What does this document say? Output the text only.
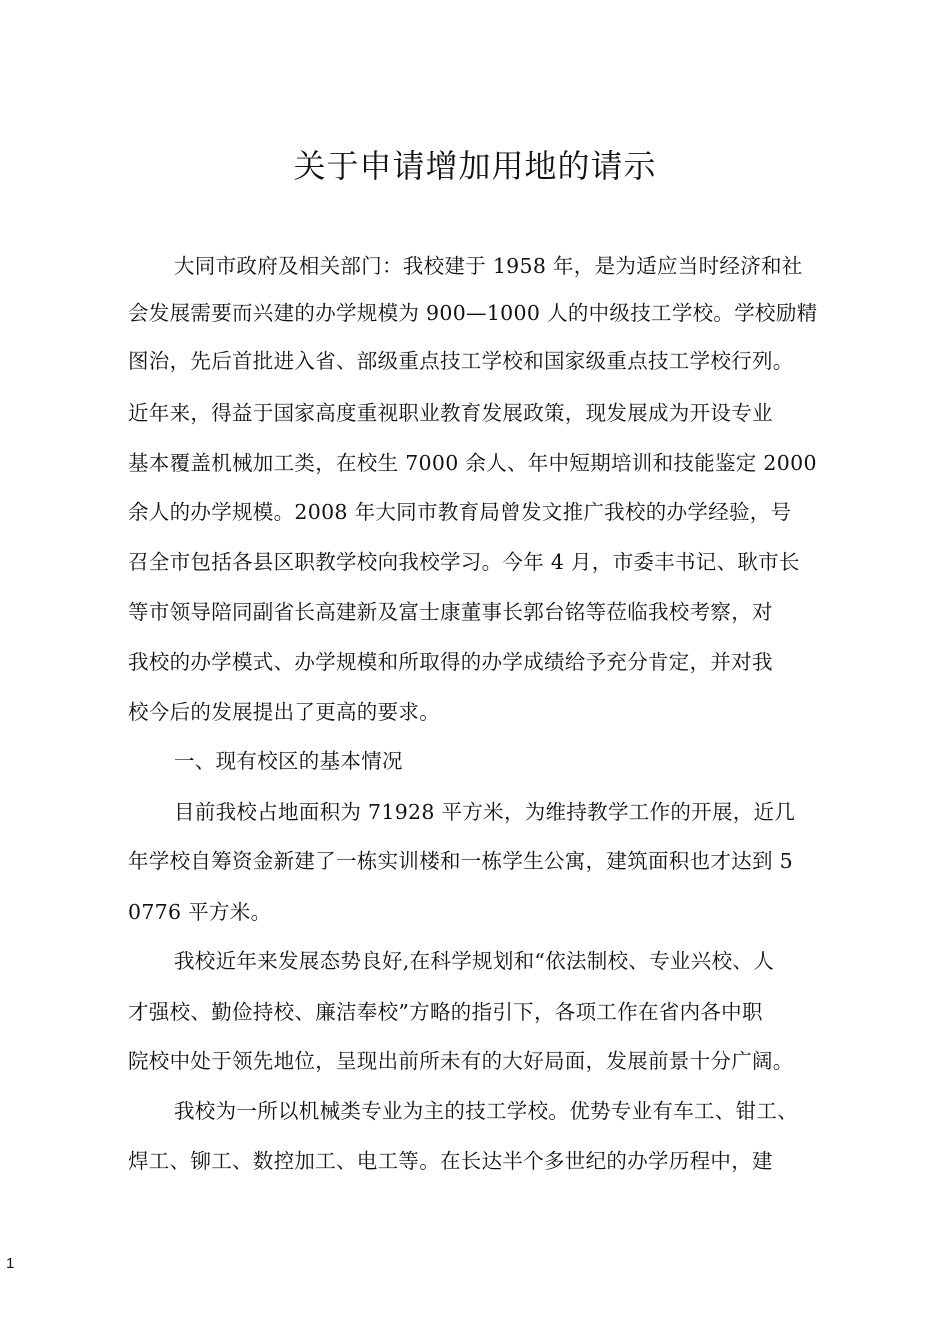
关于申请增加用地的请示
大同市政府及相关部门：我校建于 1958 年，是为适应当时经济和社
会发展需要而兴建的办学规模为 900—1000 人的中级技工学校。学校励精
图治，先后首批进入省、部级重点技工学校和国家级重点技工学校行列。
近年来，得益于国家高度重视职业教育发展政策，现发展成为开设专业
基本覆盖机械加工类，在校生 7000 余人、年中短期培训和技能鉴定 2000
余人的办学规模。2008 年大同市教育局曾发文推广我校的办学经验，号
召全市包括各县区职教学校向我校学习。今年 4 月，市委丰书记、耿市长
等市领导陪同副省长高建新及富士康董事长郭台铭等莅临我校考察，对
我校的办学模式、办学规模和所取得的办学成绩给予充分肯定，并对我
校今后的发展提出了更高的要求。
一、现有校区的基本情况
目前我校占地面积为 71928 平方米，为维持教学工作的开展，近几
年学校自筹资金新建了一栋实训楼和一栋学生公寓，建筑面积也才达到 5
0776 平方米。
我校近年来发展态势良好,在科学规划和“依法制校、专业兴校、人
才强校、勤俭持校、廉洁奉校”方略的指引下，各项工作在省内各中职
院校中处于领先地位，呈现出前所未有的大好局面，发展前景十分广阔。
我校为一所以机械类专业为主的技工学校。优势专业有车工、钳工、
焊工、铆工、数控加工、电工等。在长达半个多世纪的办学历程中，建
1
